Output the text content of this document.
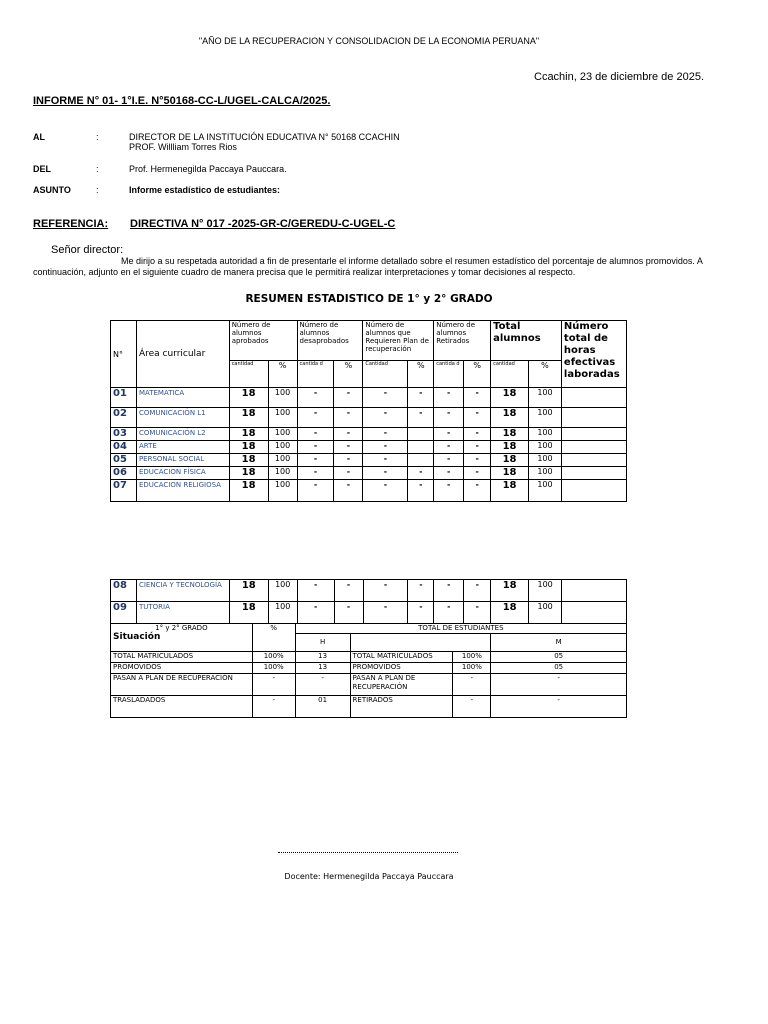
"AÑO DE LA RECUPERACION Y CONSOLIDACION DE LA ECONOMIA PERUANA"
Ccachin, 23 de diciembre de 2025.
INFORME N° 01- 1°I.E. N°50168-CC-L/UGEL-CALCA/2025.
AL	:	DIRECTOR DE LA INSTITUCIÓN EDUCATIVA N° 50168 CCACHIN
PROF. Willliam Torres Rios
DEL	:	Prof. Hermenegilda Paccaya Pauccara.
ASUNTO	:	Informe estadístico de estudiantes:
REFERENCIA: DIRECTIVA N° 017 -2025-GR-C/GEREDU-C-UGEL-C
Señor director:
Me dirijo a su respetada autoridad a fin de presentarle el informe detallado sobre el resumen estadístico del porcentaje de alumnos promovidos. A continuación, adjunto en el siguiente cuadro de manera precisa que le permitirá realizar interpretaciones y tomar decisiones al respecto.
RESUMEN ESTADISTICO DE 1° y 2° GRADO
N°	Área curricular	Número de alumnos aprobados		Número de alumnos desaprobados		Número de alumnos que Requieren Plan de recuperación		Número de alumnos Retirados		Total alumnos		Número total de horas efectivas laboradas
		cantidad	%	cantida d	%	Cantidad	%	cantida d	%	cantidad	%	
01	MATEMATICA	18	100	-	-	-	-	-	-	18	100	
02	COMUNICACIÓN L1	18	100	-	-	-	-	-	-	18	100	
03	COMUNICACIÓN L2	18	100	-	-	-		-	-	18	100	
04	ARTE	18	100	-	-	-		-	-	18	100	
05	PERSONAL SOCIAL	18	100	-	-	-		-	-	18	100	
06	EDUCACION FÍSICA	18	100	-	-	-	-	-	-	18	100	
07	EDUCACION RELIGIOSA	18	100	-	-	-	-	-	-	18	100	
08	CIENCIA Y TECNOLOGÍA	18	100	-	-	-	-	-	-	18	100	
09	TUTORIA	18	100	-	-	-	-	-	-	18	100	
1° y 2° GRADO
Situación	%	TOTAL DE ESTUDIANTES			
		H			M
TOTAL MATRICULADOS	100%	13	TOTAL MATRICULADOS	100%	05
PROMOVIDOS	100%	13	PROMOVIDOS	100%	05
PASAN A PLAN DE RECUPERACIÓN	-	-	PASAN A PLAN DE RECUPERACIÓN	-	-
TRASLADADOS	-	01	RETIRADOS	-	-
Docente: Hermenegilda Paccaya Pauccara
